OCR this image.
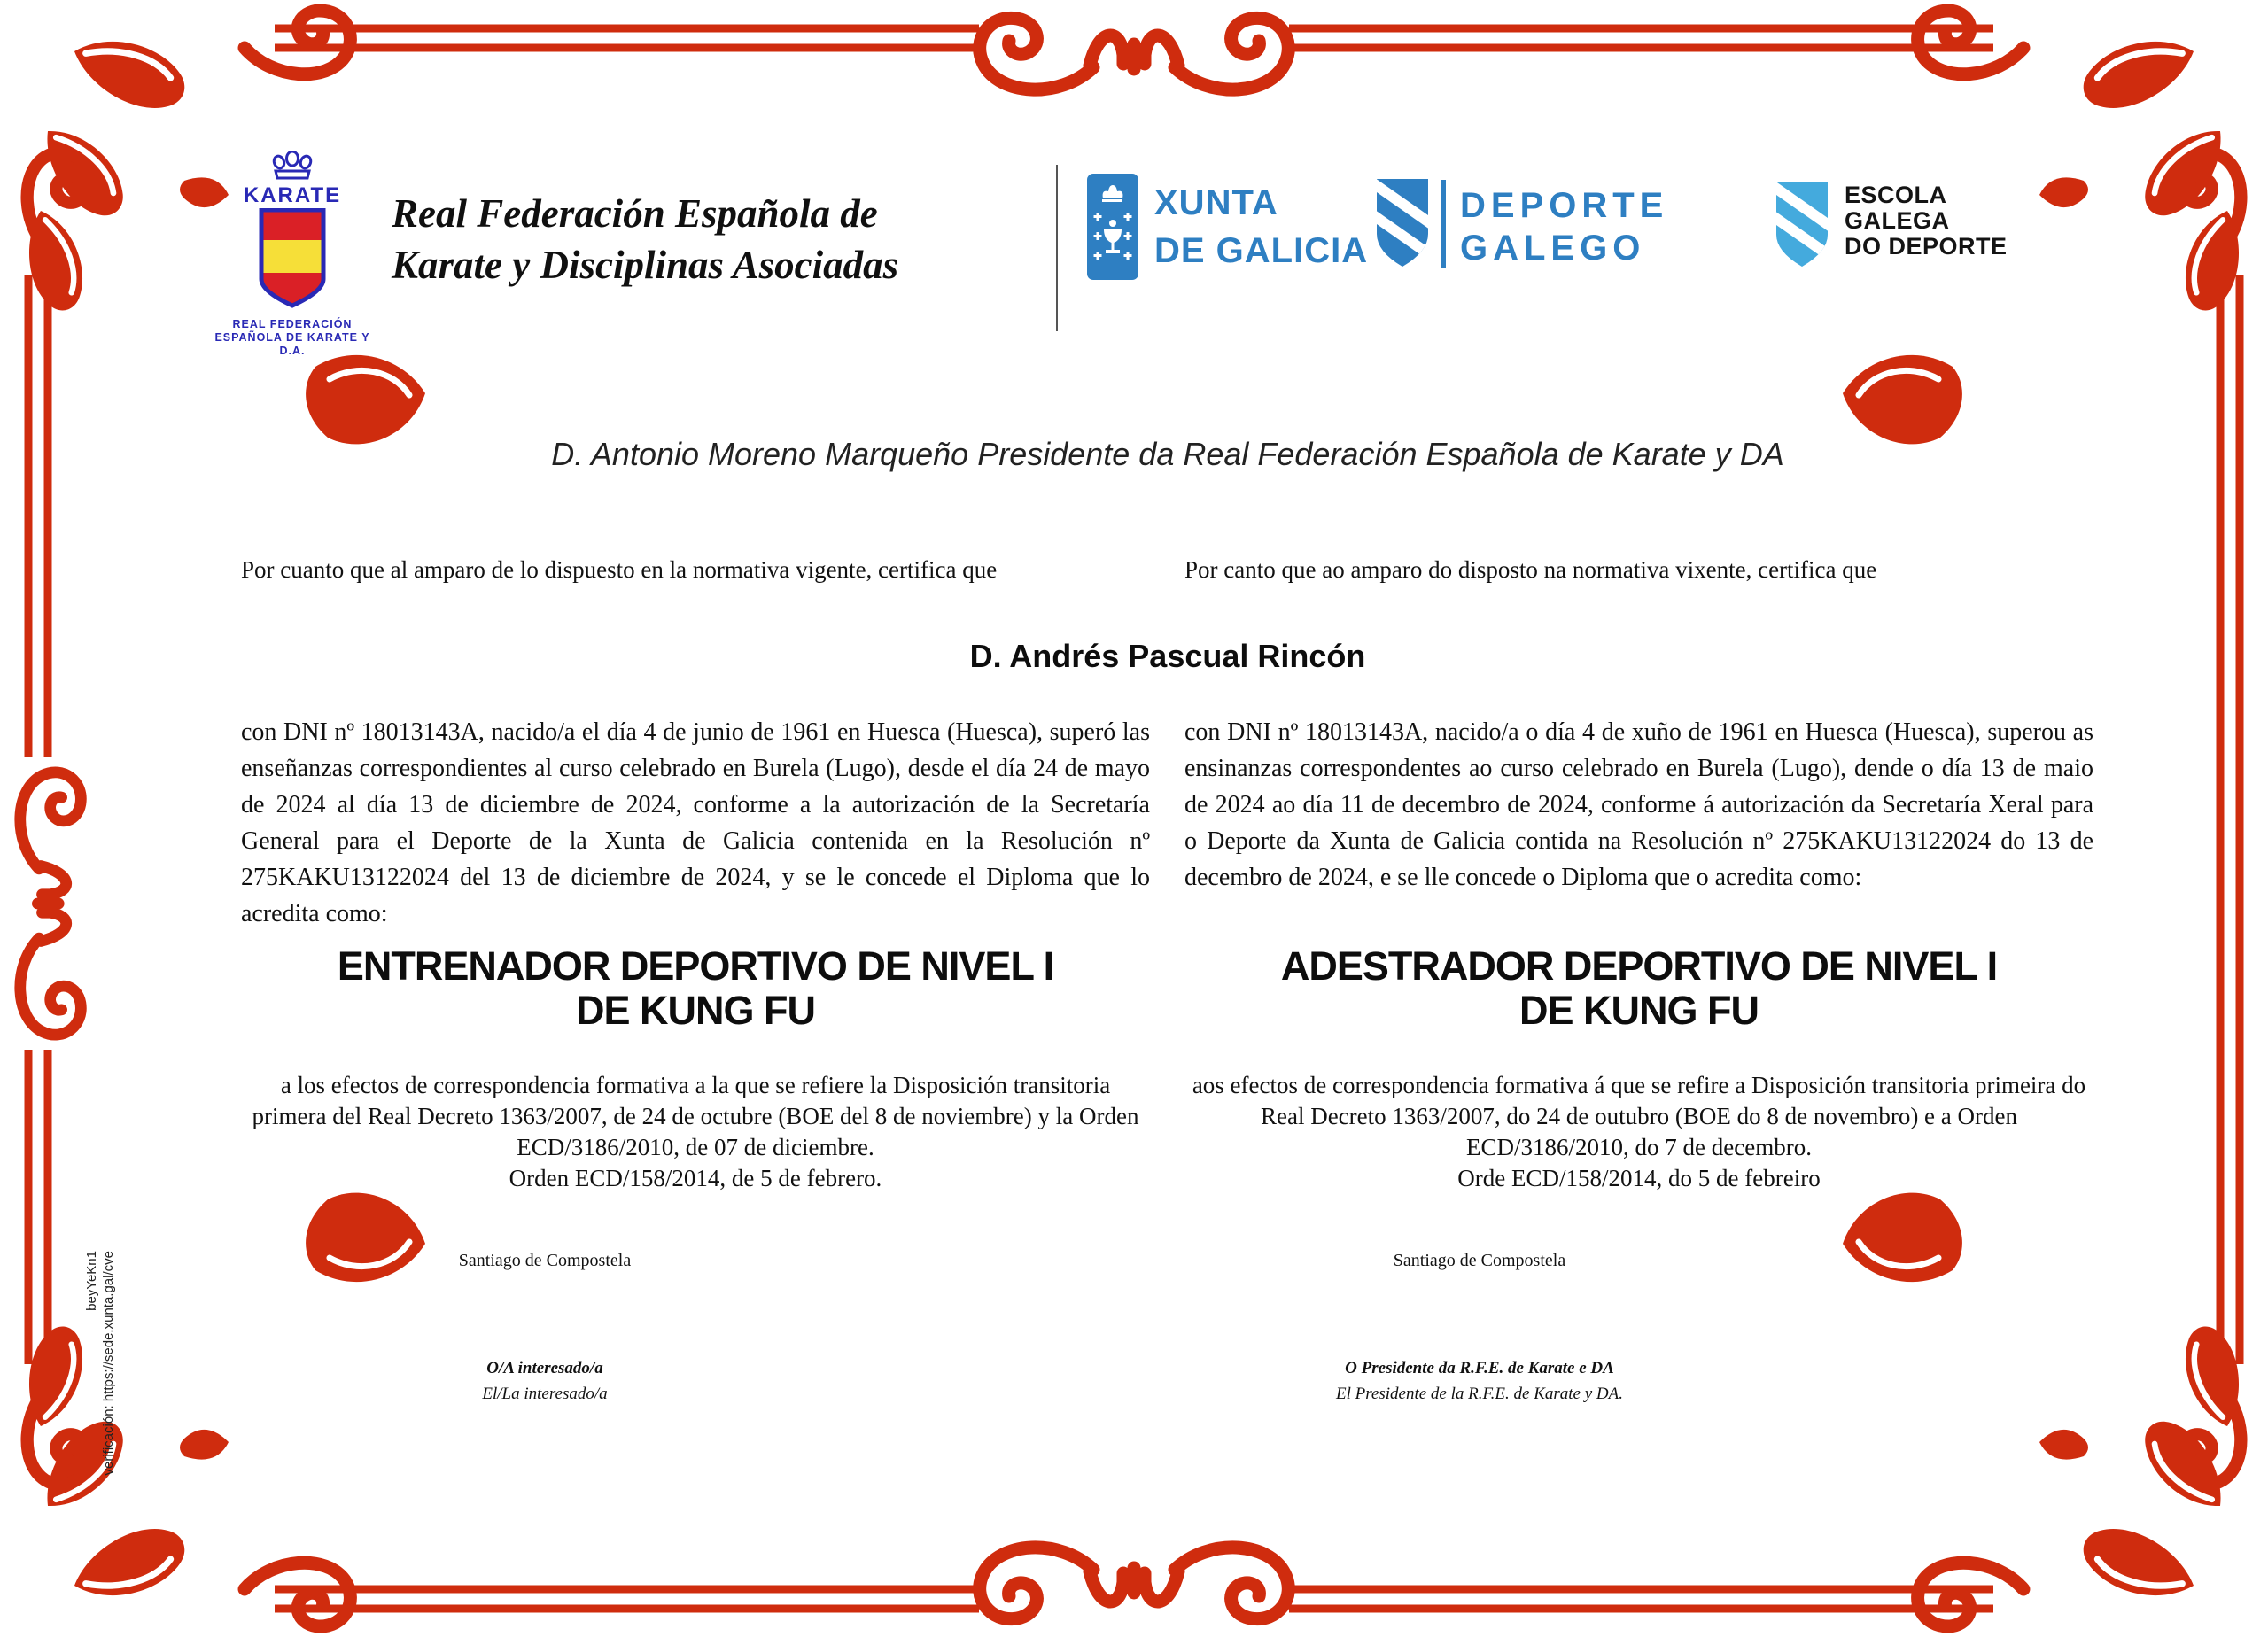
KARATE
REAL FEDERACIÓN
ESPAÑOLA DE KARATE Y D.A.
Real Federación Española de
Karate y Disciplinas Asociadas
XUNTA
DE GALICIA
DEPORTE
GALEGO
ESCOLA
GALEGA
DO DEPORTE
D. Antonio Moreno Marqueño Presidente da Real Federación Española de Karate y DA
Por cuanto que al amparo de lo dispuesto en la normativa vigente, certifica que	Por canto que ao amparo do disposto na normativa vixente, certifica que
D. Andrés Pascual Rincón
con DNI nº 18013143A, nacido/a el día 4 de junio de 1961 en Huesca (Huesca), superó las enseñanzas correspondientes al curso celebrado en Burela (Lugo), desde el día 24 de mayo de 2024 al día 13 de diciembre de 2024, conforme a la autorización de la Secretaría General para el Deporte de la Xunta de Galicia contenida en la Resolución nº 275KAKU13122024 del 13 de diciembre de 2024, y se le concede el Diploma que lo acredita como:
con DNI nº 18013143A, nacido/a o día 4 de xuño de 1961 en Huesca (Huesca), superou as ensinanzas correspondentes ao curso celebrado en Burela (Lugo), dende o día 13 de maio de 2024 ao día 11 de decembro de 2024, conforme á autorización da Secretaría Xeral para o Deporte da Xunta de Galicia contida na Resolución nº 275KAKU13122024 do 13 de decembro de 2024, e se lle concede o Diploma que o acredita como:
ENTRENADOR DEPORTIVO DE NIVEL I
DE KUNG FU
ADESTRADOR DEPORTIVO DE NIVEL I
DE KUNG FU
a los efectos de correspondencia formativa a la que se refiere la Disposición transitoria primera del Real Decreto 1363/2007, de 24 de octubre (BOE del 8 de noviembre) y la Orden ECD/3186/2010, de 07 de diciembre.
Orden ECD/158/2014, de 5 de febrero.
aos efectos de correspondencia formativa á que se refire a Disposición transitoria primeira do Real Decreto 1363/2007, do 24 de outubro (BOE do 8 de novembro) e a Orden ECD/3186/2010, do 7 de decembro.
Orde ECD/158/2014, do 5 de febreiro
Santiago de Compostela	Santiago de Compostela
O/A interesado/a
El/La interesado/a
O Presidente da R.F.E. de Karate e DA
El Presidente de la R.F.E. de Karate y DA.
beyYeKn1 verificación: https://sede.xunta.gal/cve
